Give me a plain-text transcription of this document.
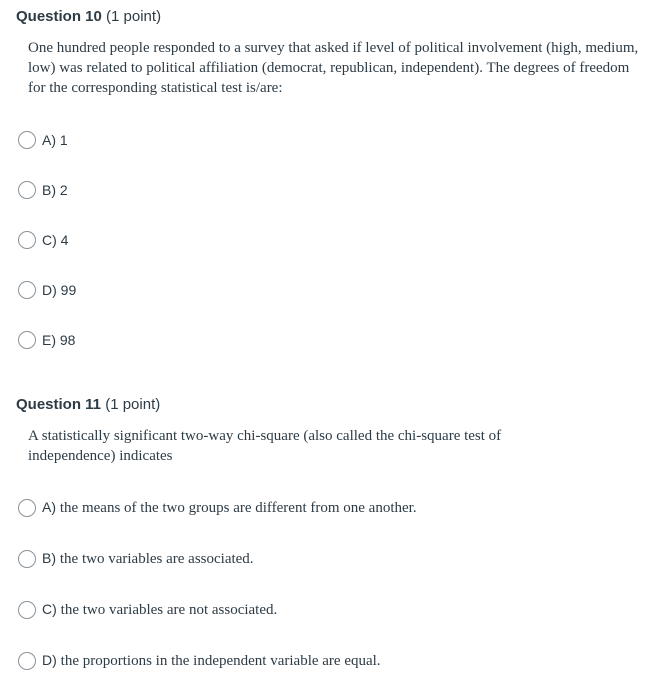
Question 10 (1 point)
One hundred people responded to a survey that asked if level of political involvement (high, medium, low) was related to political affiliation (democrat, republican, independent). The degrees of freedom for the corresponding statistical test is/are:
A) 1
B) 2
C) 4
D) 99
E) 98
Question 11 (1 point)
A statistically significant two-way chi-square (also called the chi-square test of independence) indicates
A) the means of the two groups are different from one another.
B) the two variables are associated.
C) the two variables are not associated.
D) the proportions in the independent variable are equal.
